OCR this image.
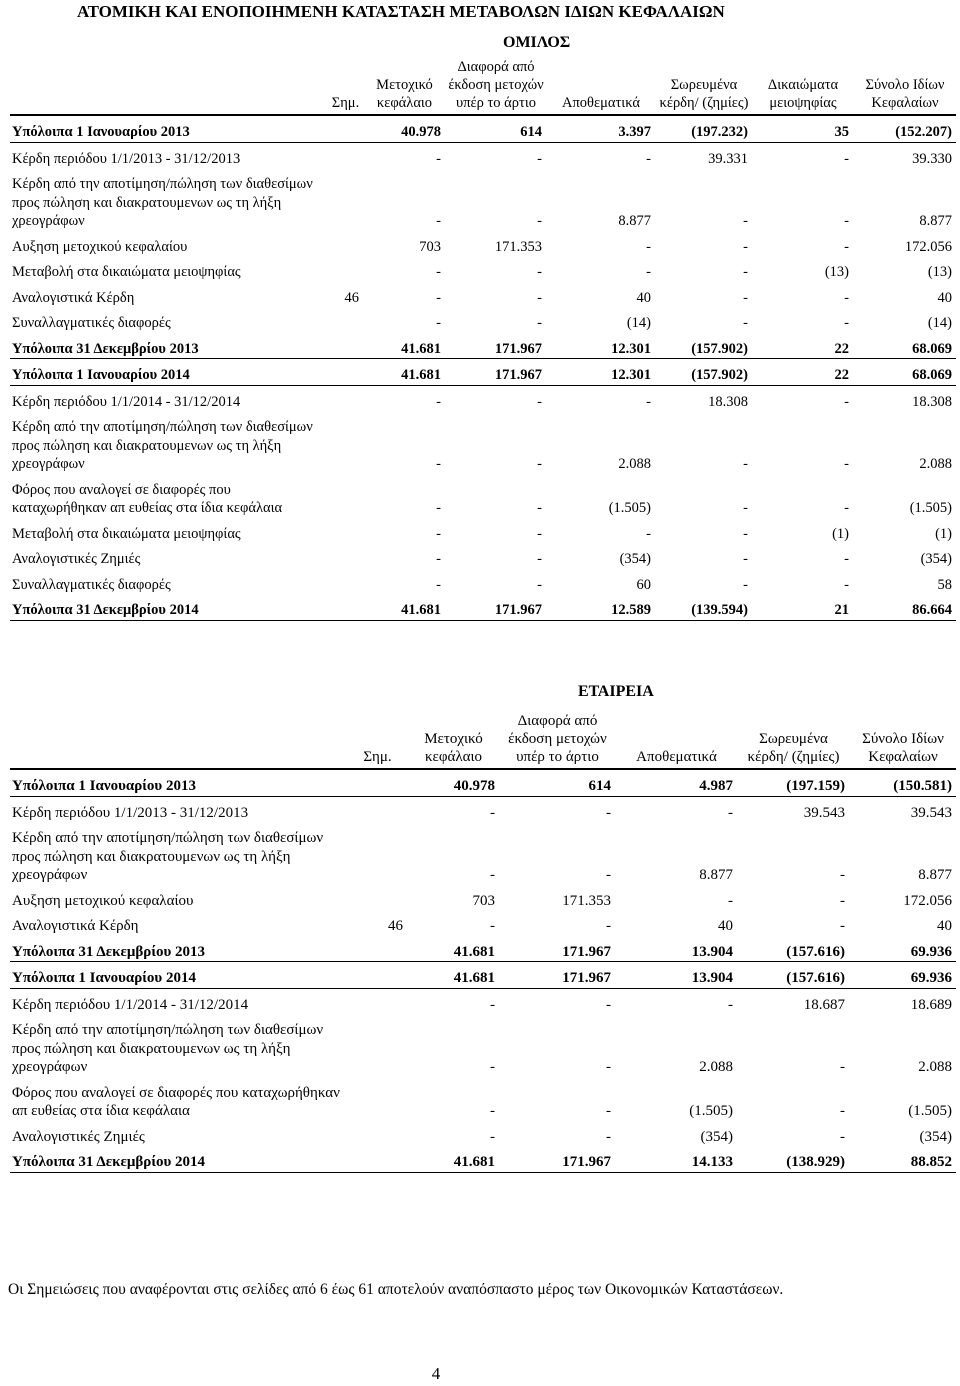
ΑΤΟΜΙΚΗ ΚΑΙ ΕΝΟΠΟΙΗΜΕΝΗ ΚΑΤΑΣΤΑΣΗ ΜΕΤΑΒΟΛΩΝ ΙΔΙΩΝ ΚΕΦΑΛΑΙΩΝ
ΟΜΙΛΟΣ
	Σημ.	Μετοχικό κεφάλαιο	Διαφορά από έκδοση μετοχών υπέρ το άρτιο	Αποθεματικά	Σωρευμένα κέρδη/ (ζημίες)	Δικαιώματα μειοψηφίας	Σύνολο Ιδίων Κεφαλαίων
Υπόλοιπα 1 Ιανουαρίου 2013		40.978	614	3.397	(197.232)	35	(152.207)
Κέρδη περιόδου 1/1/2013 - 31/12/2013		-	-	-	39.331	-	39.330
Κέρδη από την αποτίμηση/πώληση των διαθεσίμων προς πώληση και διακρατουμενων ως τη λήξη χρεογράφων		-	-	8.877	-	-	8.877
Αυξηση μετοχικού κεφαλαίου		703	171.353	-	-	-	172.056
Μεταβολή στα δικαιώματα μειοψηφίας		-	-	-	-	(13)	(13)
Αναλογιστικά Κέρδη	46	-	-	40	-	-	40
Συναλλαγματικές διαφορές		-	-	(14)	-	-	(14)
Υπόλοιπα 31 Δεκεμβρίου 2013		41.681	171.967	12.301	(157.902)	22	68.069
Υπόλοιπα 1 Ιανουαρίου 2014		41.681	171.967	12.301	(157.902)	22	68.069
Κέρδη περιόδου 1/1/2014 - 31/12/2014		-	-	-	18.308	-	18.308
Κέρδη από την αποτίμηση/πώληση των διαθεσίμων προς πώληση και διακρατουμενων ως τη λήξη χρεογράφων		-	-	2.088	-	-	2.088
Φόρος που αναλογεί σε διαφορές που καταχωρήθηκαν απ ευθείας στα ίδια κεφάλαια		-	-	(1.505)	-	-	(1.505)
Μεταβολή στα δικαιώματα μειοψηφίας		-	-	-	-	(1)	(1)
Αναλογιστικές Ζημιές		-	-	(354)	-	-	(354)
Συναλλαγματικές διαφορές		-	-	60	-	-	58
Υπόλοιπα 31 Δεκεμβρίου 2014		41.681	171.967	12.589	(139.594)	21	86.664
ΕΤΑΙΡΕΙΑ
	Σημ.	Μετοχικό κεφάλαιο	Διαφορά από έκδοση μετοχών υπέρ το άρτιο	Αποθεματικά	Σωρευμένα κέρδη/ (ζημίες)	Σύνολο Ιδίων Κεφαλαίων
Υπόλοιπα 1 Ιανουαρίου 2013		40.978	614	4.987	(197.159)	(150.581)
Κέρδη περιόδου 1/1/2013 - 31/12/2013		-	-	-	39.543	39.543
Κέρδη από την αποτίμηση/πώληση των διαθεσίμων προς πώληση και διακρατουμενων ως τη λήξη χρεογράφων		-	-	8.877	-	8.877
Αυξηση μετοχικού κεφαλαίου		703	171.353	-	-	172.056
Αναλογιστικά Κέρδη	46	-	-	40	-	40
Υπόλοιπα 31 Δεκεμβρίου 2013		41.681	171.967	13.904	(157.616)	69.936
Υπόλοιπα 1 Ιανουαρίου 2014		41.681	171.967	13.904	(157.616)	69.936
Κέρδη περιόδου 1/1/2014 - 31/12/2014		-	-	-	18.687	18.689
Κέρδη από την αποτίμηση/πώληση των διαθεσίμων προς πώληση και διακρατουμενων ως τη λήξη χρεογράφων		-	-	2.088	-	2.088
Φόρος που αναλογεί σε διαφορές που καταχωρήθηκαν απ ευθείας στα ίδια κεφάλαια		-	-	(1.505)	-	(1.505)
Αναλογιστικές Ζημιές		-	-	(354)	-	(354)
Υπόλοιπα 31 Δεκεμβρίου 2014		41.681	171.967	14.133	(138.929)	88.852
Οι Σημειώσεις που αναφέρονται στις σελίδες από 6 έως 61 αποτελούν αναπόσπαστο μέρος των Οικονομικών Καταστάσεων.
4
